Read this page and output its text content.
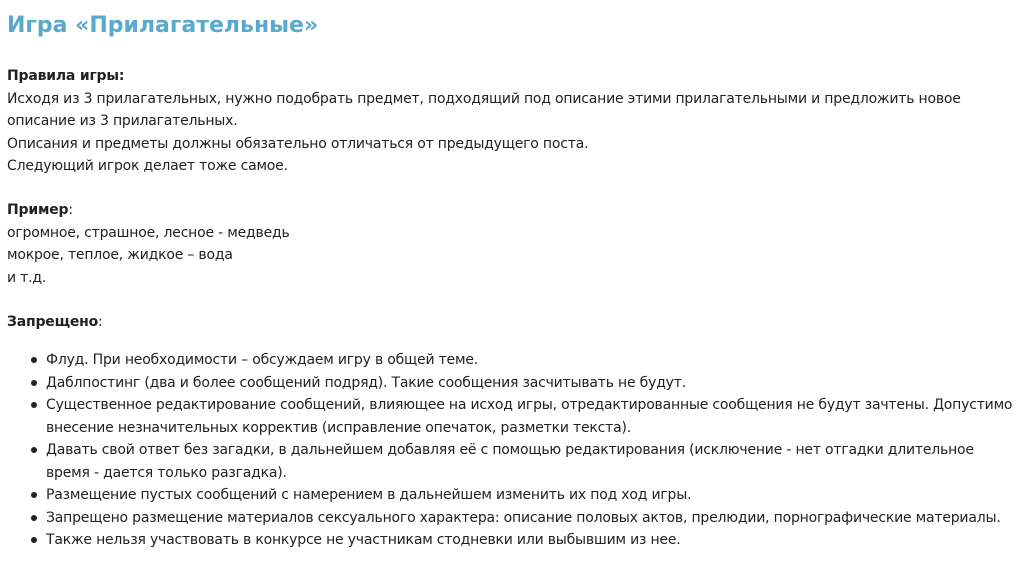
Игра «Прилагательные»
Правила игры:
Исходя из 3 прилагательных, нужно подобрать предмет, подходящий под описание этими прилагательными и предложить новое
описание из 3 прилагательных.
Описания и предметы должны обязательно отличаться от предыдущего поста.
Следующий игрок делает тоже самое.
Пример:
огромное, страшное, лесное - медведь
мокрое, теплое, жидкое – вода
и т.д.
Запрещено:
Флуд. При необходимости – обсуждаем игру в общей теме.
Даблпостинг (два и более сообщений подряд). Такие сообщения засчитывать не будут.
Существенное редактирование сообщений, влияющее на исход игры, отредактированные сообщения не будут зачтены. Допустимо
внесение незначительных корректив (исправление опечаток, разметки текста).
Давать свой ответ без загадки, в дальнейшем добавляя её с помощью редактирования (исключение - нет отгадки длительное
время - дается только разгадка).
Размещение пустых сообщений с намерением в дальнейшем изменить их под ход игры.
Запрещено размещение материалов сексуального характера: описание половых актов, прелюдии, порнографические материалы.
Также нельзя участвовать в конкурсе не участникам стодневки или выбывшим из нее.
